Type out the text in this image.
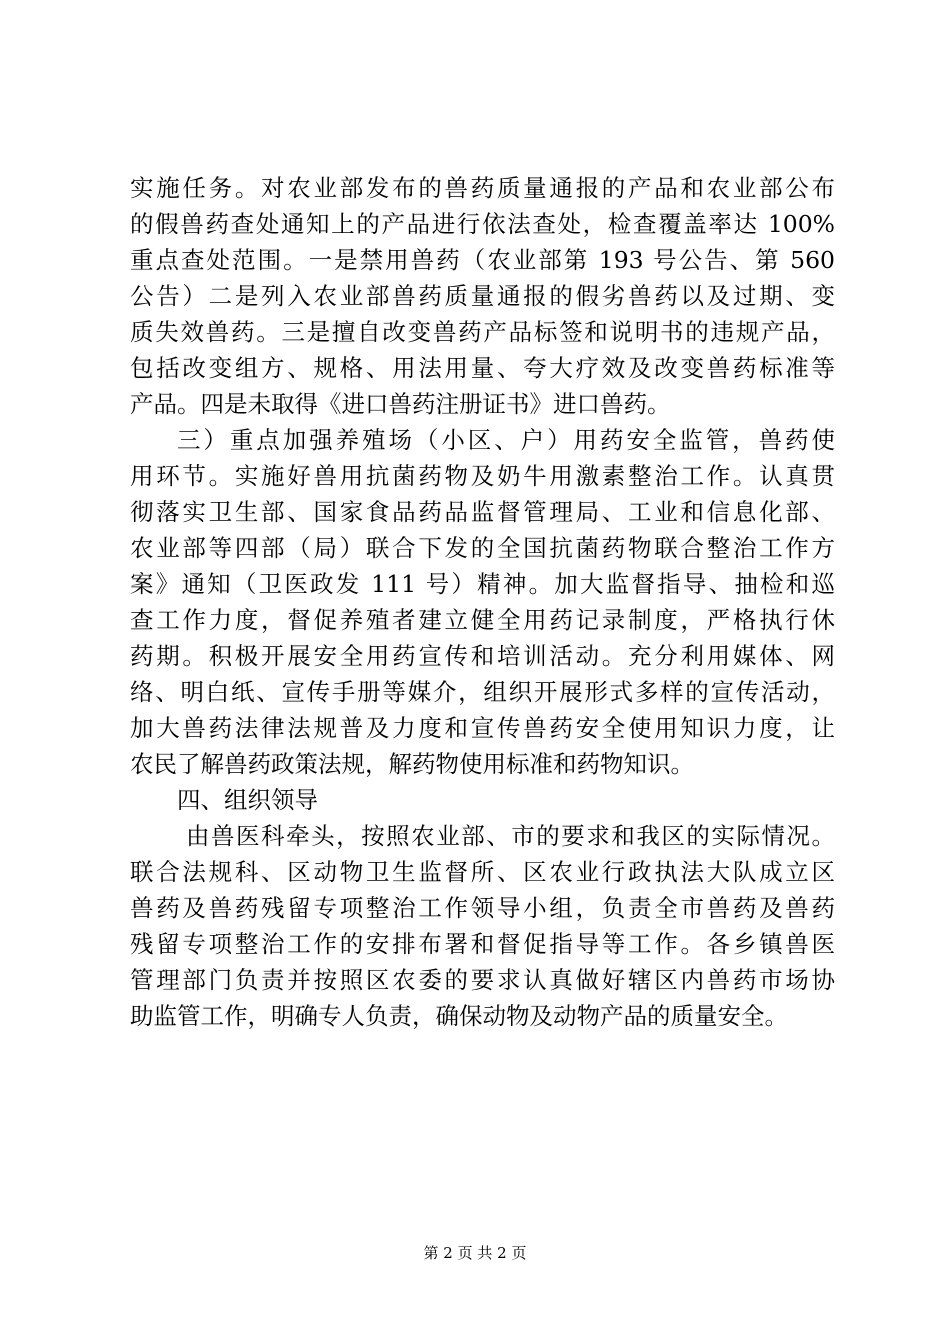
实施任务。对农业部发布的兽药质量通报的产品和农业部公布
的假兽药查处通知上的产品进行依法查处，检查覆盖率达 100%
重点查处范围。一是禁用兽药（农业部第 193 号公告、第 560
公告）二是列入农业部兽药质量通报的假劣兽药以及过期、变
质失效兽药。三是擅自改变兽药产品标签和说明书的违规产品，
包括改变组方、规格、用法用量、夸大疗效及改变兽药标准等
产品。四是未取得《进口兽药注册证书》进口兽药。
三）重点加强养殖场（小区、户）用药安全监管，兽药使
用环节。实施好兽用抗菌药物及奶牛用激素整治工作。认真贯
彻落实卫生部、国家食品药品监督管理局、工业和信息化部、
农业部等四部（局）联合下发的全国抗菌药物联合整治工作方
案》通知（卫医政发 111 号）精神。加大监督指导、抽检和巡
查工作力度，督促养殖者建立健全用药记录制度，严格执行休
药期。积极开展安全用药宣传和培训活动。充分利用媒体、网
络、明白纸、宣传手册等媒介，组织开展形式多样的宣传活动，
加大兽药法律法规普及力度和宣传兽药安全使用知识力度，让
农民了解兽药政策法规，解药物使用标准和药物知识。
四、组织领导
由兽医科牵头，按照农业部、市的要求和我区的实际情况。
联合法规科、区动物卫生监督所、区农业行政执法大队成立区
兽药及兽药残留专项整治工作领导小组，负责全市兽药及兽药
残留专项整治工作的安排布署和督促指导等工作。各乡镇兽医
管理部门负责并按照区农委的要求认真做好辖区内兽药市场协
助监管工作，明确专人负责，确保动物及动物产品的质量安全。
第 2 页 共 2 页
